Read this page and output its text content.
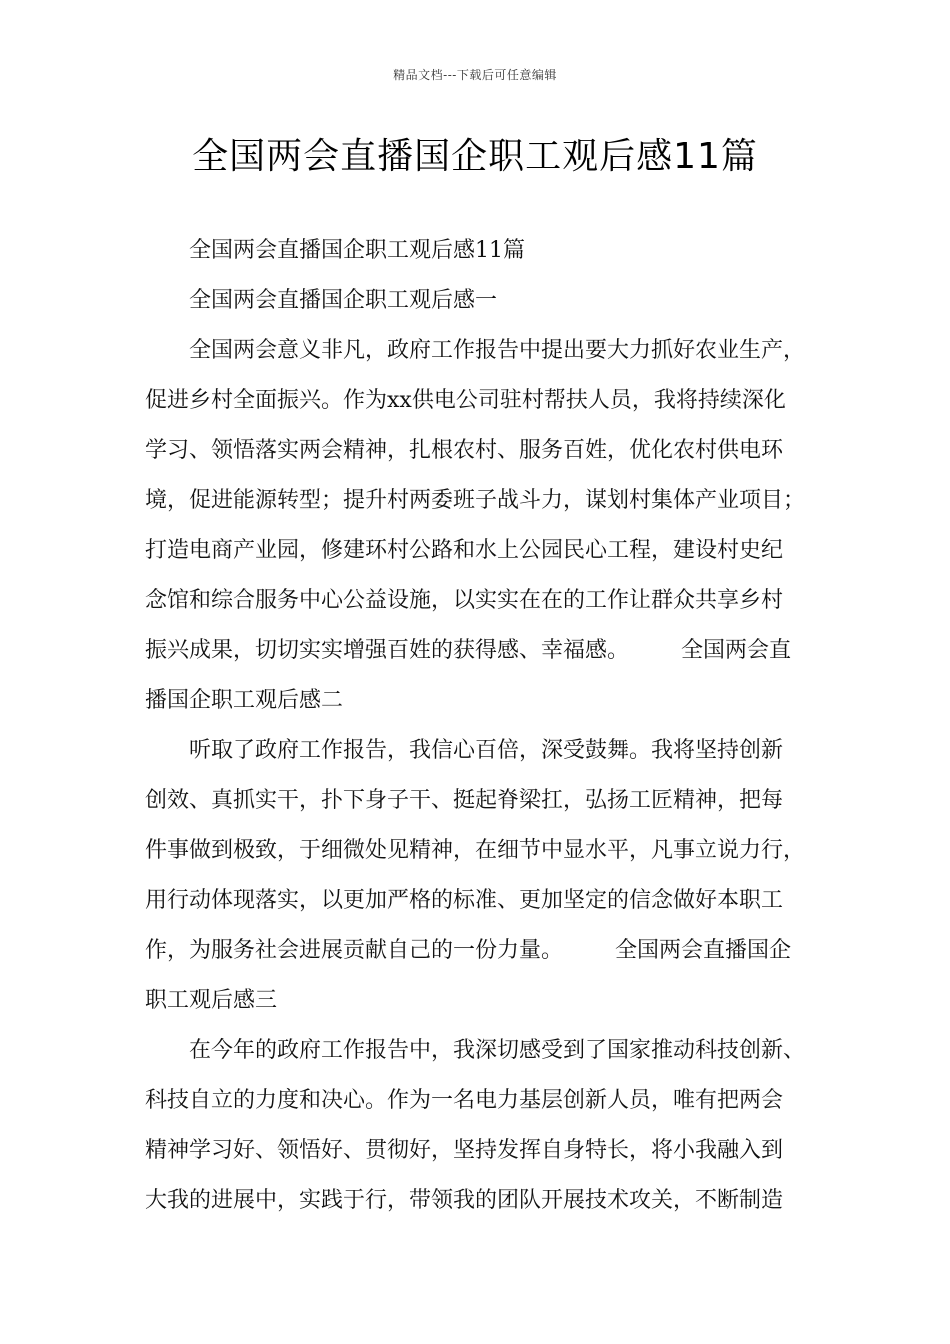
精品文档---下载后可任意编辑
全国两会直播国企职工观后感11篇
全国两会直播国企职工观后感11篇
全国两会直播国企职工观后感一
全国两会意义非凡，政府工作报告中提出要大力抓好农业生产，
促进乡村全面振兴。作为xx供电公司驻村帮扶人员，我将持续深化
学习、领悟落实两会精神，扎根农村、服务百姓，优化农村供电环
境，促进能源转型；提升村两委班子战斗力，谋划村集体产业项目；
打造电商产业园，修建环村公路和水上公园民心工程，建设村史纪
念馆和综合服务中心公益设施，以实实在在的工作让群众共享乡村
振兴成果，切切实实增强百姓的获得感、幸福感。 全国两会直
播国企职工观后感二
听取了政府工作报告，我信心百倍，深受鼓舞。我将坚持创新
创效、真抓实干，扑下身子干、挺起脊梁扛，弘扬工匠精神，把每
件事做到极致，于细微处见精神，在细节中显水平，凡事立说力行，
用行动体现落实，以更加严格的标准、更加坚定的信念做好本职工
作，为服务社会进展贡献自己的一份力量。 全国两会直播国企
职工观后感三
在今年的政府工作报告中，我深切感受到了国家推动科技创新、
科技自立的力度和决心。作为一名电力基层创新人员，唯有把两会
精神学习好、领悟好、贯彻好，坚持发挥自身特长，将小我融入到
大我的进展中，实践于行，带领我的团队开展技术攻关，不断制造
